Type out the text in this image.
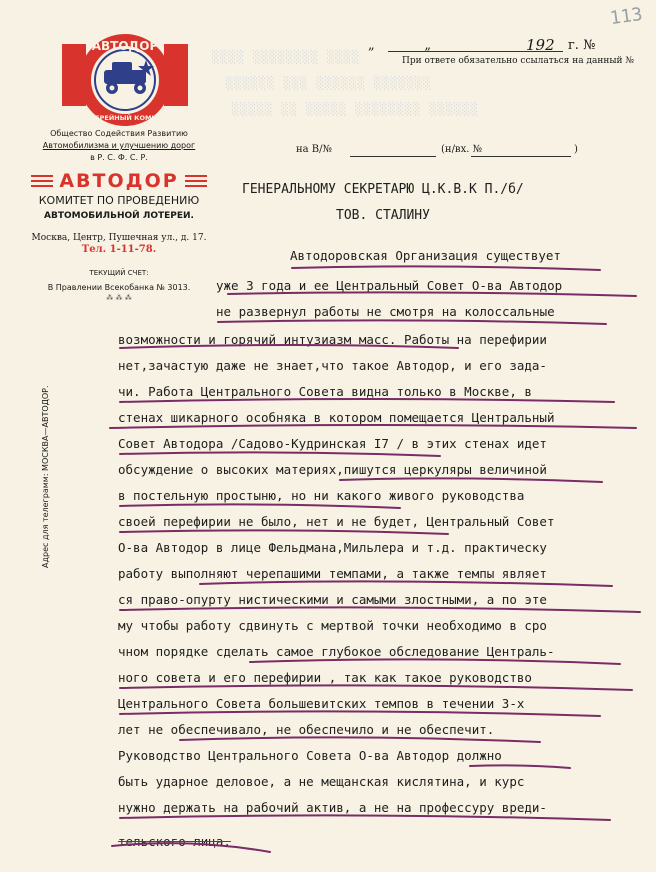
113
░░░░ ░░░░░░░░ ░░░░
░░░░░░ ░░░ ░░░░░░ ░░░░░░░
░░░░░ ░░ ░░░░░ ░░░░░░░░ ░░░░░░
„	„	192 г. №
При ответе обязательно ссылаться на данный №
АВТОДОР
ЛОТЕРЕЙНЫЙ КОМИТЕТ
Общество Содействия Развитию
Автомобилизма и улучшению дорог
в Р. С. Ф. С. Р.
АВТОДОР
КОМИТЕТ ПО ПРОВЕДЕНИЮ
АВТОМОБИЛЬНОЙ ЛОТЕРЕИ.
Москва, Центр, Пушечная ул., д. 17.
Тел. 1-11-78.
ТЕКУЩИЙ СЧЕТ:
В Правлении Всекобанка № 3013.
⁂ ⁂ ⁂
Адрес для телеграмм: МОСКВА—АВТОДОР.
на В/№	(н/вх. №	)
ГЕНЕРАЛЬНОМУ СЕКРЕТАРЮ Ц.К.В.К П./б/
ТОВ. СТАЛИНУ
Автодоровская Организация существует
уже 3 года и ее Центральный Совет О-ва Автодор
не развернул работы не смотря на колоссальные
возможности и горячий интузиазм масс. Работы на перефирии
нет,зачастую даже не знает,что такое Автодор, и его зада-
чи. Работа Центрального Совета видна только в Москве, в
стенах шикарного особняка в котором помещается Центральный
Совет Автодора /Садово-Кудринская I7 / в этих стенах идет
обсуждение о высоких материях,пишутся церкуляры величиной
в постельную простыню, но ни какого живого руководства
своей перефирии не было, нет и не будет, Центральный Совет
О-ва Автодор в лице Фельдмана,Мильлера и т.д. практическу
работу выполняют черепашими темпами, а также темпы являет
ся право-опурту нистическими и самыми злостными, а по эте
му чтобы работу сдвинуть с мертвой точки необходимо в сро
чном порядке сделать самое глубокое обследование Централь-
ного совета и его перефирии , так как такое руководство
Центрального Совета большевитских темпов в течении 3-х
лет не обеспечивало, не обеспечило и не обеспечит.
Руководство Центрального Совета О-ва Автодор должно
быть ударное деловое, а не мещанская кислятина, и курс
нужно держать на рабочий актив, а не на профессуру вреди-
тельского лица.
